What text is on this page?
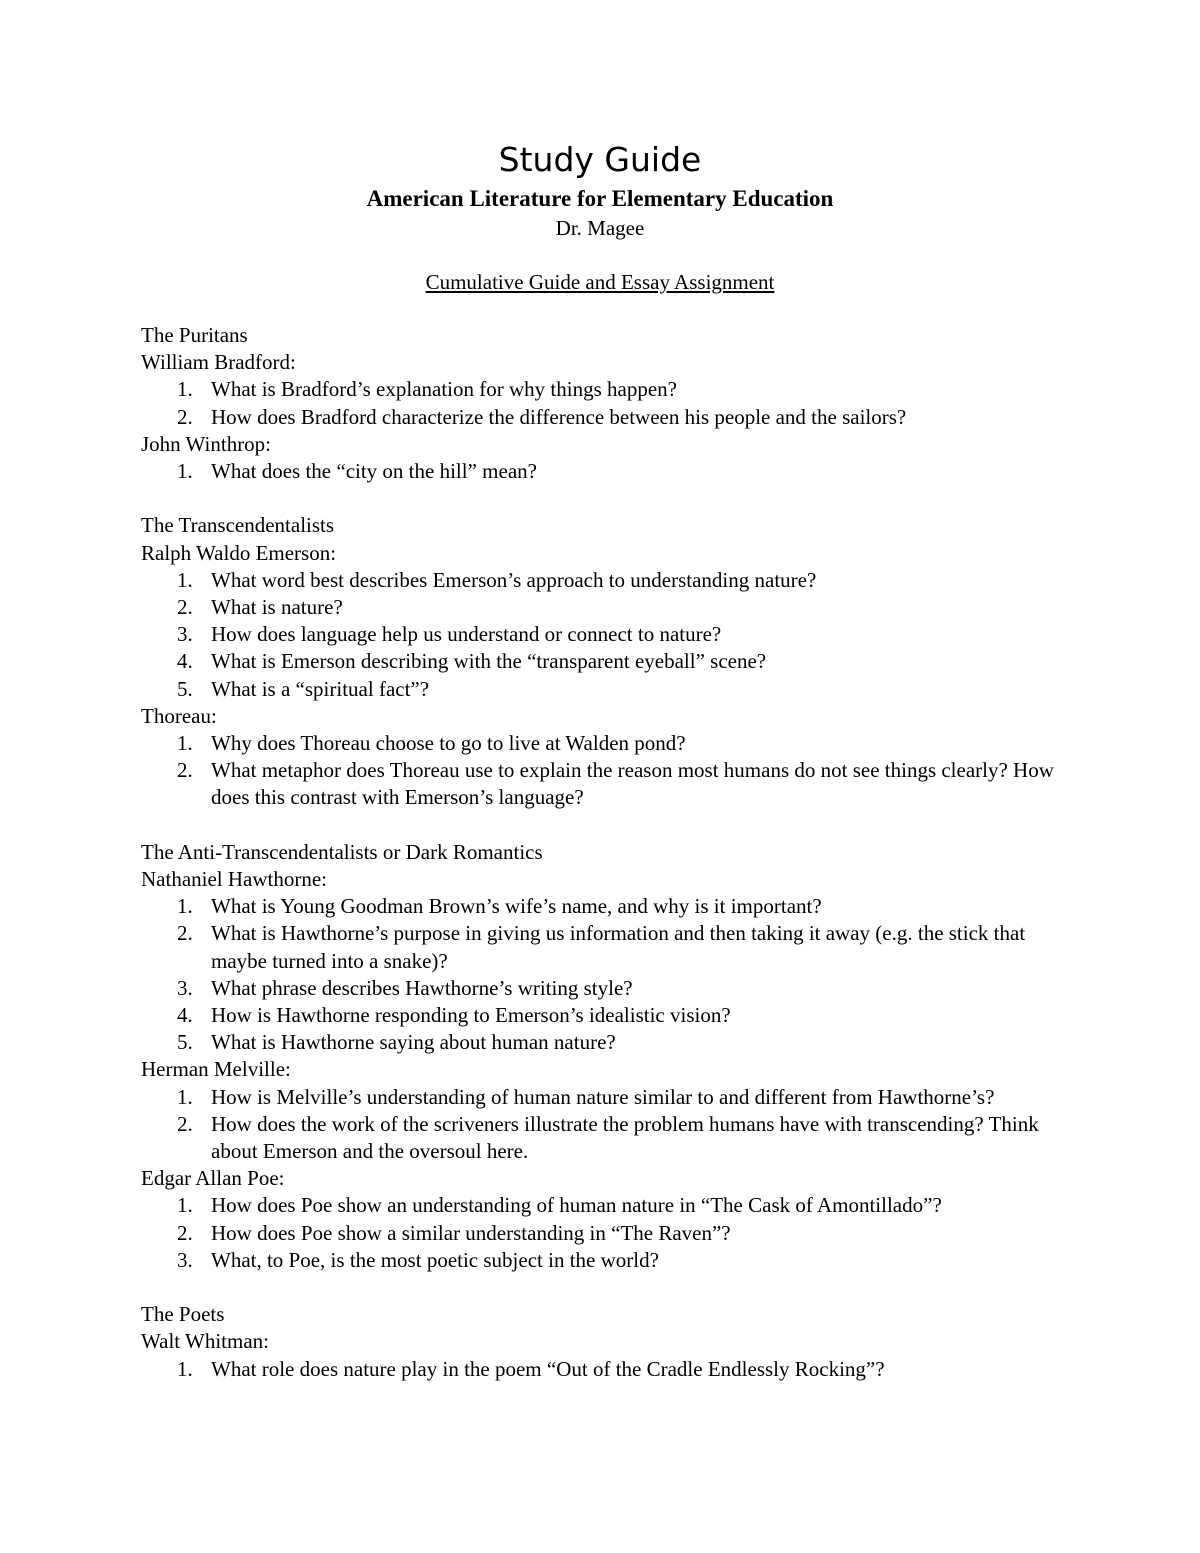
Study Guide
American Literature for Elementary Education
Dr. Magee
Cumulative Guide and Essay Assignment
The Puritans
William Bradford:
1. What is Bradford’s explanation for why things happen?
2. How does Bradford characterize the difference between his people and the sailors?
John Winthrop:
1. What does the “city on the hill” mean?
The Transcendentalists
Ralph Waldo Emerson:
1. What word best describes Emerson’s approach to understanding nature?
2. What is nature?
3. How does language help us understand or connect to nature?
4. What is Emerson describing with the “transparent eyeball” scene?
5. What is a “spiritual fact”?
Thoreau:
1. Why does Thoreau choose to go to live at Walden pond?
2. What metaphor does Thoreau use to explain the reason most humans do not see things clearly? How does this contrast with Emerson’s language?
The Anti-Transcendentalists or Dark Romantics
Nathaniel Hawthorne:
1. What is Young Goodman Brown’s wife’s name, and why is it important?
2. What is Hawthorne’s purpose in giving us information and then taking it away (e.g. the stick that maybe turned into a snake)?
3. What phrase describes Hawthorne’s writing style?
4. How is Hawthorne responding to Emerson’s idealistic vision?
5. What is Hawthorne saying about human nature?
Herman Melville:
1. How is Melville’s understanding of human nature similar to and different from Hawthorne’s?
2. How does the work of the scriveners illustrate the problem humans have with transcending? Think about Emerson and the oversoul here.
Edgar Allan Poe:
1. How does Poe show an understanding of human nature in “The Cask of Amontillado”?
2. How does Poe show a similar understanding in “The Raven”?
3. What, to Poe, is the most poetic subject in the world?
The Poets
Walt Whitman:
1. What role does nature play in the poem “Out of the Cradle Endlessly Rocking”?
